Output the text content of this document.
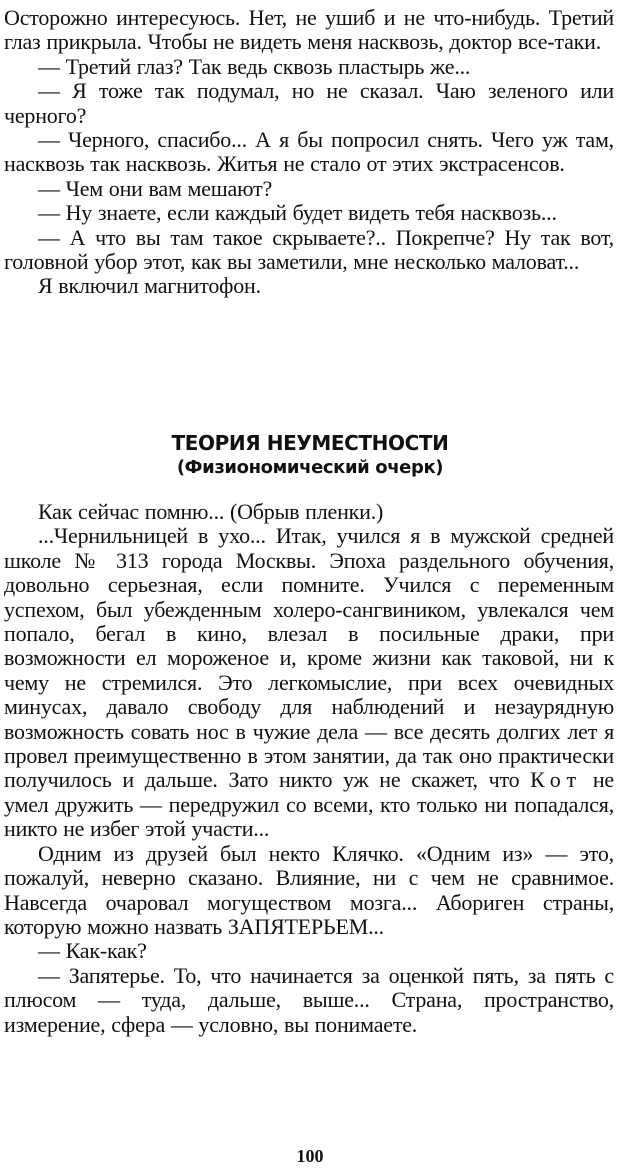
Осторожно интересуюсь. Нет, не ушиб и не что-нибудь. Третий глаз прикрыла. Чтобы не видеть меня насквозь, доктор все-таки.

— Третий глаз? Так ведь сквозь пластырь же...

— Я тоже так подумал, но не сказал. Чаю зеленого или черного?

— Черного, спасибо... А я бы попросил снять. Чего уж там, насквозь так насквозь. Житья не стало от этих экстрасенсов.

— Чем они вам мешают?

— Ну знаете, если каждый будет видеть тебя насквозь...

— А что вы там такое скрываете?.. Покрепче? Ну так вот, головной убор этот, как вы заметили, мне несколько маловат...

Я включил магнитофон.

ТЕОРИЯ НЕУМЕСТНОСТИ
(Физиономический очерк)

Как сейчас помню... (Обрыв пленки.)

...Чернильницей в ухо... Итак, учился я в мужской средней школе № 313 города Москвы. Эпоха раздельного обучения, довольно серьезная, если помните. Учился с переменным успехом, был убежденным холеро-сангвиником, увлекался чем попало, бегал в кино, влезал в посильные драки, при возможности ел мороженое и, кроме жизни как таковой, ни к чему не стремился. Это легкомыслие, при всех очевидных минусах, давало свободу для наблюдений и незаурядную возможность совать нос в чужие дела — все десять долгих лет я провел преимущественно в этом занятии, да так оно практически получилось и дальше. Зато никто уж не скажет, что Кот не умел дружить — передружил со всеми, кто только ни попадался, никто не избег этой участи...

Одним из друзей был некто Клячко. «Одним из» — это, пожалуй, неверно сказано. Влияние, ни с чем не сравнимое. Навсегда очаровал могуществом мозга... Абориген страны, которую можно назвать ЗАПЯТЕРЬЕМ...

— Как-как?

— Запятерье. То, что начинается за оценкой пять, за пять с плюсом — туда, дальше, выше... Страна, пространство, измерение, сфера — условно, вы понимаете.

100
